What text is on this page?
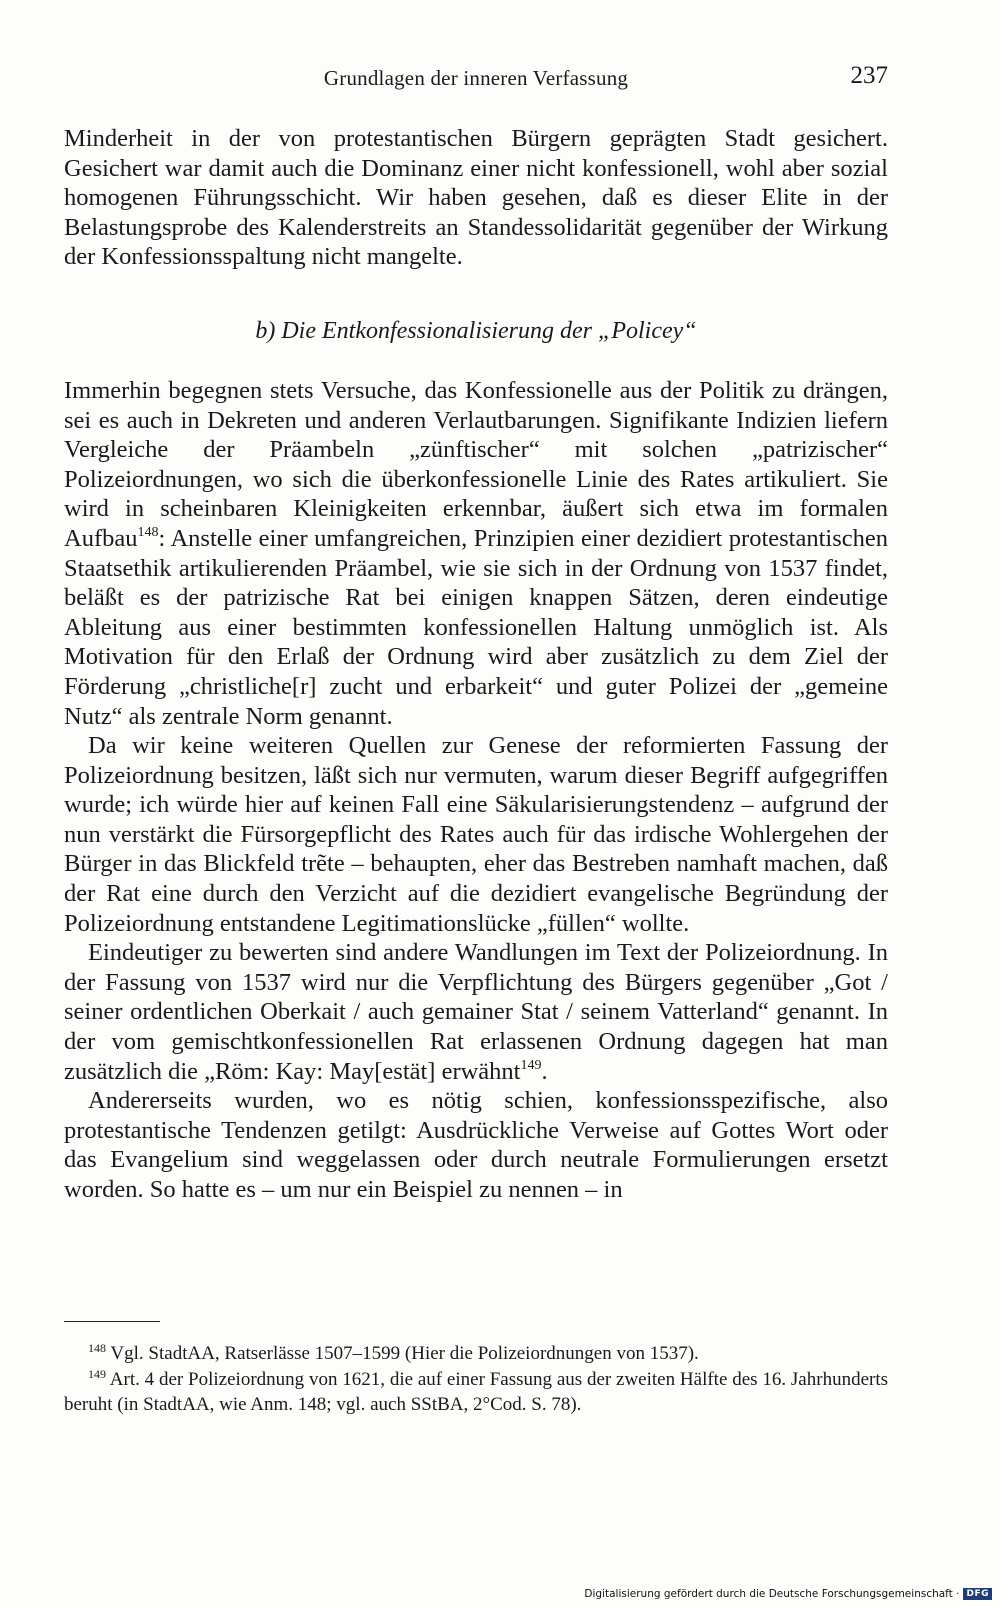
Grundlagen der inneren Verfassung	237

Minderheit in der von protestantischen Bürgern geprägten Stadt gesichert. Gesichert war damit auch die Dominanz einer nicht konfessionell, wohl aber sozial homogenen Führungsschicht. Wir haben gesehen, daß es dieser Elite in der Belastungsprobe des Kalenderstreits an Standessolidarität gegenüber der Wirkung der Konfessionsspaltung nicht mangelte.

b) Die Entkonfessionalisierung der „Policey“

Immerhin begegnen stets Versuche, das Konfessionelle aus der Politik zu drängen, sei es auch in Dekreten und anderen Verlautbarungen. Signifikante Indizien liefern Vergleiche der Präambeln „zünftischer“ mit solchen „patrizischer“ Polizeiordnungen, wo sich die überkonfessionelle Linie des Rates artikuliert. Sie wird in scheinbaren Kleinigkeiten erkennbar, äußert sich etwa im formalen Aufbau$^{148}$: Anstelle einer umfangreichen, Prinzipien einer dezidiert protestantischen Staatsethik artikulierenden Präambel, wie sie sich in der Ordnung von 1537 findet, beläßt es der patrizische Rat bei einigen knappen Sätzen, deren eindeutige Ableitung aus einer bestimmten konfessionellen Haltung unmöglich ist. Als Motivation für den Erlaß der Ordnung wird aber zusätzlich zu dem Ziel der Förderung „christliche[r] zucht und erbarkeit“ und guter Polizei der „gemeine Nutz“ als zentrale Norm genannt.

Da wir keine weiteren Quellen zur Genese der reformierten Fassung der Polizeiordnung besitzen, läßt sich nur vermuten, warum dieser Begriff aufgegriffen wurde; ich würde hier auf keinen Fall eine Säkularisierungstendenz – aufgrund der nun verstärkt die Fürsorgepflicht des Rates auch für das irdische Wohlergehen der Bürger in das Blickfeld trẽte – behaupten, eher das Bestreben namhaft machen, daß der Rat eine durch den Verzicht auf die dezidiert evangelische Begründung der Polizeiordnung entstandene Legitimationslücke „füllen“ wollte.

Eindeutiger zu bewerten sind andere Wandlungen im Text der Polizeiordnung. In der Fassung von 1537 wird nur die Verpflichtung des Bürgers gegenüber „Got / seiner ordentlichen Oberkait / auch gemainer Stat / seinem Vatterland“ genannt. In der vom gemischtkonfessionellen Rat erlassenen Ordnung dagegen hat man zusätzlich die „Röm: Kay: May[estät] erwähnt$^{149}$.

Andererseits wurden, wo es nötig schien, konfessionsspezifische, also protestantische Tendenzen getilgt: Ausdrückliche Verweise auf Gottes Wort oder das Evangelium sind weggelassen oder durch neutrale Formulierungen ersetzt worden. So hatte es – um nur ein Beispiel zu nennen – in

$^{148}$ Vgl. StadtAA, Ratserlässe 1507–1599 (Hier die Polizeiordnungen von 1537).

$^{149}$ Art. 4 der Polizeiordnung von 1621, die auf einer Fassung aus der zweiten Hälfte des 16. Jahrhunderts beruht (in StadtAA, wie Anm. 148; vgl. auch SStBA, 2°Cod. S. 78).

Digitalisierung gefördert durch die Deutsche Forschungsgemeinschaft · DFG
